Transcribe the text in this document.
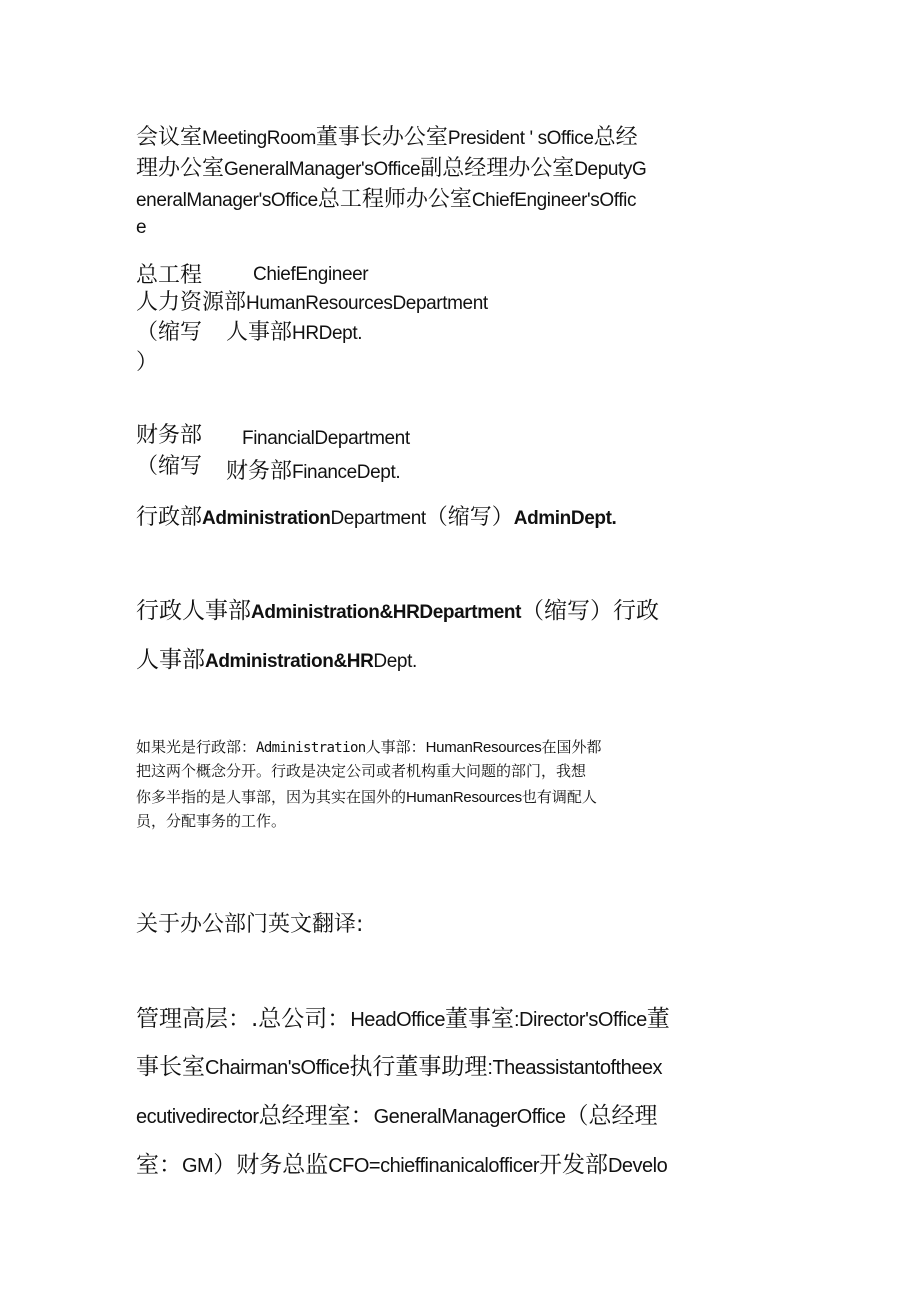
会议室MeetingRoom董事长办公室President ' sOffice总经
理办公室GeneralManager'sOffice副总经理办公室DeputyG
eneralManager'sOffice总工程师办公室ChiefEngineer'sOffic
e
总工程	ChiefEngineer
人力资源部HumanResourcesDepartment
（缩写 人事部HRDept.
）
财务部 FinancialDepartment
（缩写 财务部FinanceDept.
行政部AdministrationDepartment（缩写）AdminDept.
行政人事部Administration&HRDepartment（缩写）行政
人事部Administration&HRDept.
如果光是行政部：Administration人事部：HumanResources在国外都
把这两个概念分开。行政是决定公司或者机构重大问题的部门，我想
你多半指的是人事部，因为其实在国外的HumanResources也有调配人
员，分配事务的工作。
关于办公部门英文翻译:
管理高层：.总公司：HeadOffice董事室:Director'sOffice董
事长室Chairman'sOffice执行董事助理:Theassistantoftheex
ecutivedirector总经理室：GeneralManagerOffice（总经理
室：GM）财务总监CFO=chieffinanicalofficer开发部Develo
